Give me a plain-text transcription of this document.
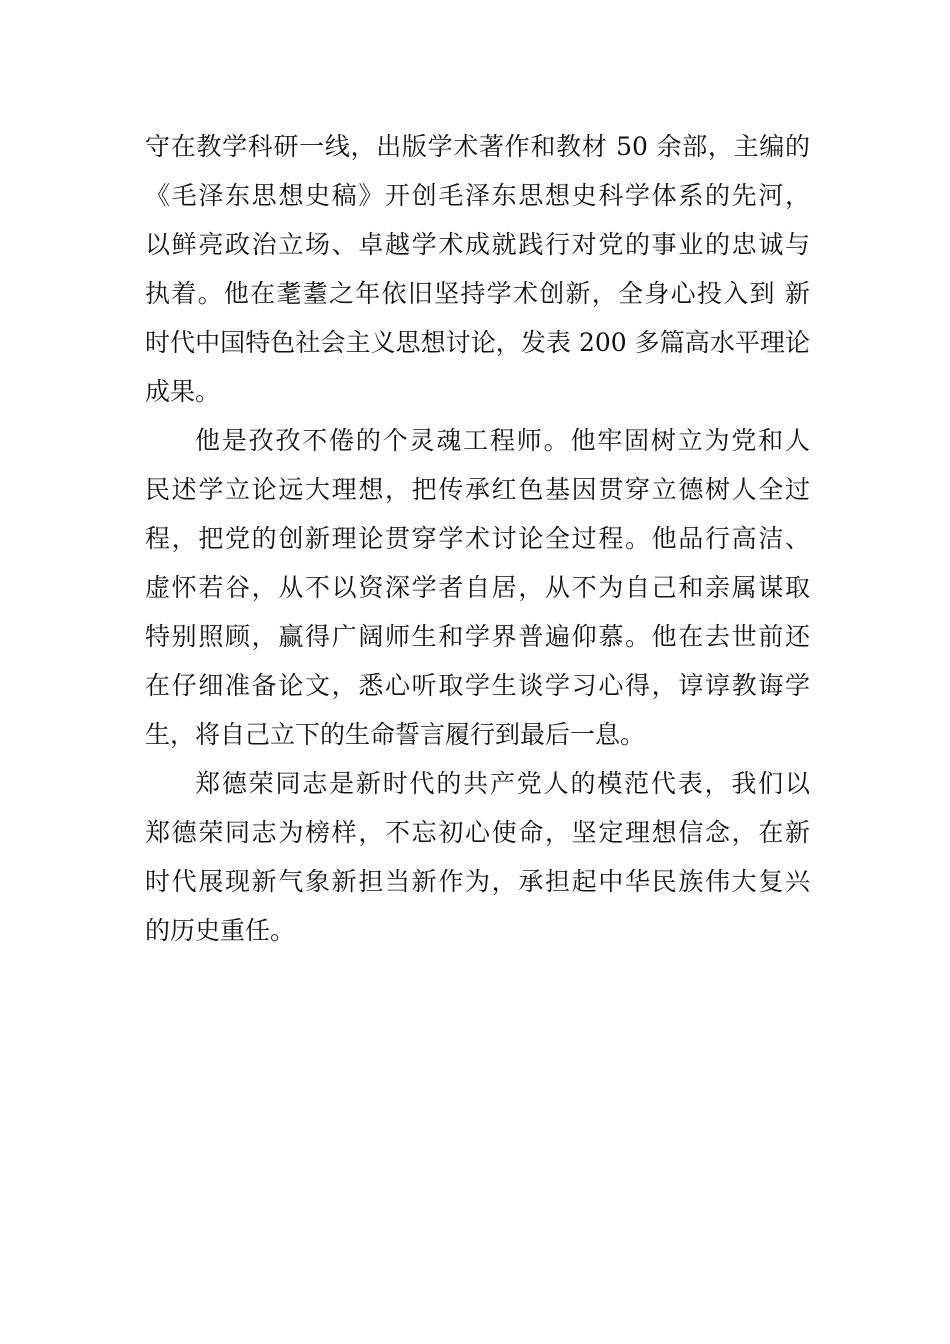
守在教学科研一线，出版学术著作和教材 50 余部，主编的
《毛泽东思想史稿》开创毛泽东思想史科学体系的先河，
以鲜亮政治立场、卓越学术成就践行对党的事业的忠诚与
执着。他在耄耋之年依旧坚持学术创新，全身心投入到 新
时代中国特色社会主义思想讨论，发表 200 多篇高水平理论
成果。
他是孜孜不倦的个灵魂工程师。他牢固树立为党和人
民述学立论远大理想，把传承红色基因贯穿立德树人全过
程，把党的创新理论贯穿学术讨论全过程。他品行高洁、
虚怀若谷，从不以资深学者自居，从不为自己和亲属谋取
特别照顾，赢得广阔师生和学界普遍仰慕。他在去世前还
在仔细准备论文，悉心听取学生谈学习心得，谆谆教诲学
生，将自己立下的生命誓言履行到最后一息。
郑德荣同志是新时代的共产党人的模范代表，我们以
郑德荣同志为榜样，不忘初心使命，坚定理想信念，在新
时代展现新气象新担当新作为，承担起中华民族伟大复兴
的历史重任。
